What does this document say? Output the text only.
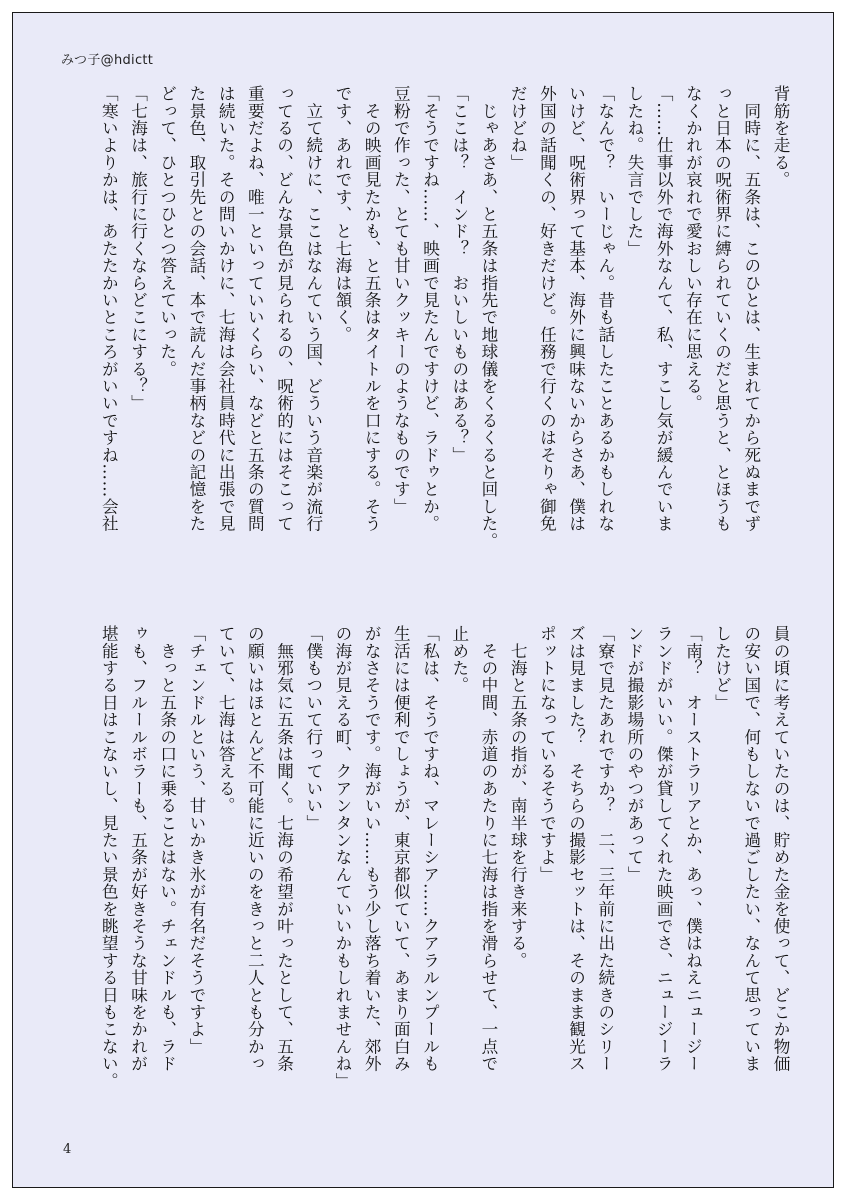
みつ子@hdictt
背筋を走る。
　同時に、五条は、このひとは、生まれてから死ぬまでず
っと日本の呪術界に縛られていくのだと思うと、とほうも
なくかれが哀れで愛おしい存在に思える。
「……仕事以外で海外なんて、私、すこし気が緩んでいま
したね。失言でした」
「なんで？　いーじゃん。昔も話したことあるかもしれな
いけど、呪術界って基本、海外に興味ないからさあ、僕は
外国の話聞くの、好きだけど。任務で行くのはそりゃ御免
だけどね」
　じゃあさあ、と五条は指先で地球儀をくるくると回した。
「ここは？　インド？　おいしいものはある？」
「そうですね……、映画で見たんですけど、ラドゥとか。
豆粉で作った、とても甘いクッキーのようなものです」
　その映画見たかも、と五条はタイトルを口にする。そう
です、あれです、と七海は頷く。
　立て続けに、ここはなんていう国、どういう音楽が流行
ってるの、どんな景色が見られるの、呪術的にはそこって
重要だよね、唯一といっていいくらい、などと五条の質問
は続いた。その問いかけに、七海は会社員時代に出張で見
た景色、取引先との会話、本で読んだ事柄などの記憶をた
どって、ひとつひとつ答えていった。
「七海は、旅行に行くならどこにする？」
「寒いよりかは、あたたかいところがいいですね……会社
員の頃に考えていたのは、貯めた金を使って、どこか物価
の安い国で、何もしないで過ごしたい、なんて思っていま
したけど」
「南？　オーストラリアとか、あっ、僕はねえニュージー
ランドがいい。傑が貸してくれた映画でさ、ニュージーラ
ンドが撮影場所のやつがあって」
「寮で見たあれですか？　二、三年前に出た続きのシリー
ズは見ました？　そちらの撮影セットは、そのまま観光ス
ポットになっているそうですよ」
　七海と五条の指が、南半球を行き来する。
　その中間、赤道のあたりに七海は指を滑らせて、一点で
止めた。
「私は、そうですね、マレーシア……クアラルンプールも
生活には便利でしょうが、東京都似ていて、あまり面白み
がなさそうです。海がいい……もう少し落ち着いた、郊外
の海が見える町、クアンタンなんていいかもしれませんね」
「僕もついて行っていい」
　無邪気に五条は聞く。七海の希望が叶ったとして、五条
の願いはほとんど不可能に近いのをきっと二人とも分かっ
ていて、七海は答える。
「チェンドルという、甘いかき氷が有名だそうですよ」
　きっと五条の口に乗ることはない。チェンドルも、ラド
ゥも、フルールボラーも、五条が好きそうな甘味をかれが
堪能する日はこないし、見たい景色を眺望する日もこない。
4
